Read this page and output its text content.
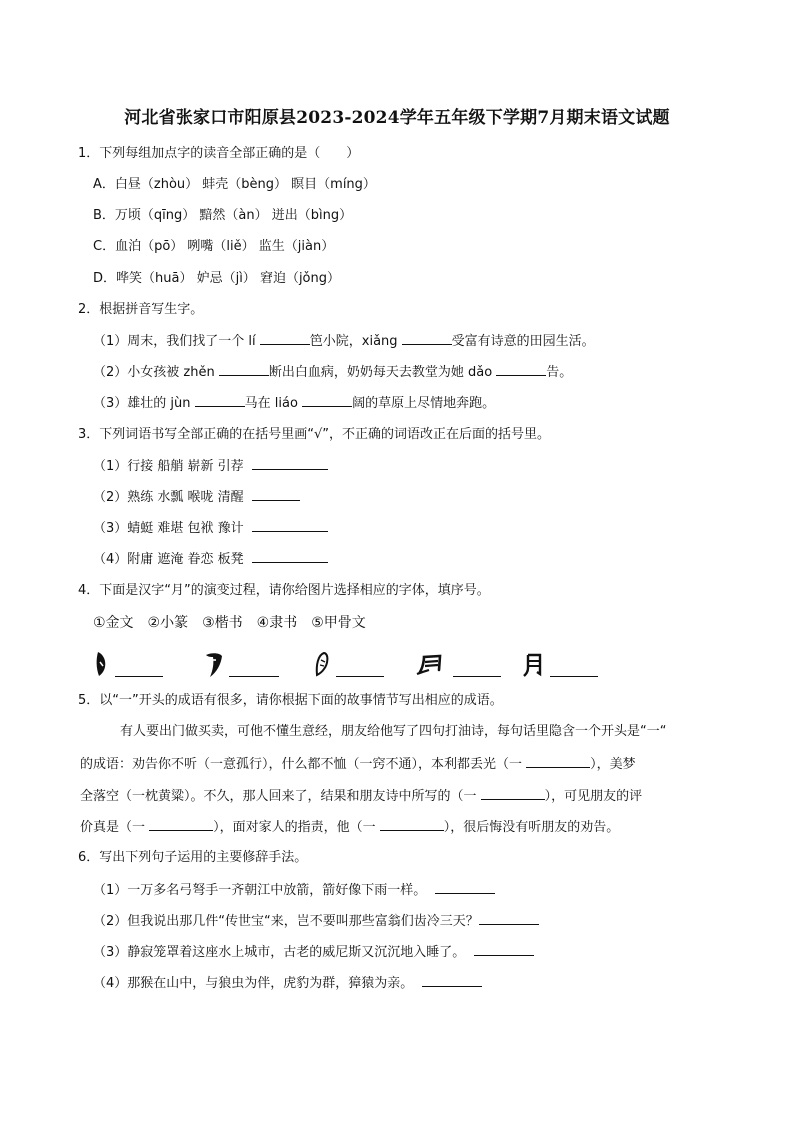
河北省张家口市阳原县2023-2024学年五年级下学期7月期末语文试题
1．下列每组加点字的读音全部正确的是（　　）
A．白昼（zhòu） 蚌壳（bèng） 瞑目（míng）
B．万顷（qīng） 黯然（àn） 迸出（bìng）
C．血泊（pō） 咧嘴（liě） 监生（jiàn）
D．哗笑（huā） 妒忌（jì） 窘迫（jǒng）
2．根据拼音写生字。
（1）周末，我们找了一个 lí	笆小院，xiǎng	受富有诗意的田园生活。
（2）小女孩被 zhěn	断出白血病，奶奶每天去教堂为她 dǎo	告。
（3）雄壮的 jùn	马在 liáo	阔的草原上尽情地奔跑。
3．下列词语书写全部正确的在括号里画“√”，不正确的词语改正在后面的括号里。
（1）行接 船艄 崭新 引荐
（2）熟练 水瓢 喉咙 清醒
（3）蜻蜓 难堪 包袱 豫计
（4）附庸 遮淹 眷恋 板凳
4．下面是汉字“月”的演变过程，请你给图片选择相应的字体，填序号。
①金文　②小篆　③楷书　④隶书　⑤甲骨文
5．以“一”开头的成语有很多，请你根据下面的故事情节写出相应的成语。
有人要出门做买卖，可他不懂生意经，朋友给他写了四句打油诗，每句话里隐含一个开头是“一“
的成语：劝告你不听（一意孤行），什么都不恤（一窍不通），本利都丢光（一	），美梦
全落空（一枕黄粱）。不久，那人回来了，结果和朋友诗中所写的（一	），可见朋友的评
价真是（一	），面对家人的指责，他（一	），很后悔没有听朋友的劝告。
6．写出下列句子运用的主要修辞手法。
（1）一万多名弓弩手一齐朝江中放箭，箭好像下雨一样。
（2）但我说出那几件“传世宝“来，岂不要叫那些富翁们齿冷三天？
（3）静寂笼罩着这座水上城市，古老的威尼斯又沉沉地入睡了。
（4）那猴在山中，与狼虫为伴，虎豹为群，獐猿为亲。
